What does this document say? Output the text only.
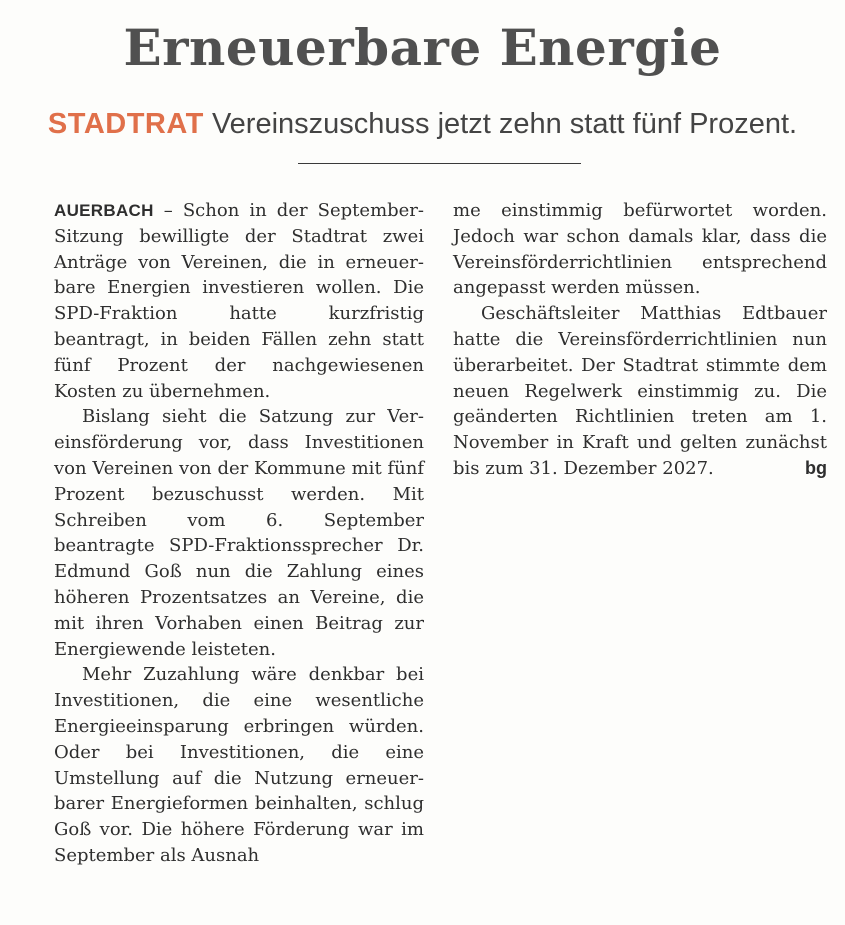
Erneuerbare Energie
STADTRAT Vereinszuschuss jetzt zehn statt fünf Prozent.

AUERBACH – Schon in der September-Sitzung bewilligte der Stadtrat zwei Anträge von Vereinen, die in erneuerbare Energien investieren wollen. Die SPD-Fraktion hatte kurzfristig beantragt, in beiden Fällen zehn statt fünf Prozent der nachgewiesenen Kosten zu übernehmen.

Bislang sieht die Satzung zur Vereinsförderung vor, dass Investitionen von Vereinen von der Kommune mit fünf Prozent bezuschusst werden. Mit Schreiben vom 6. September beantragte SPD-Fraktionssprecher Dr. Edmund Goß nun die Zahlung eines höheren Prozentsatzes an Vereine, die mit ihren Vorhaben einen Beitrag zur Energiewende leisteten.

Mehr Zuzahlung wäre denkbar bei Investitionen, die eine wesentliche Energieeinsparung erbringen würden. Oder bei Investitionen, die eine Umstellung auf die Nutzung erneuerbarer Energieformen beinhalten, schlug Goß vor. Die höhere Förderung war im September als Ausnah

me einstimmig befürwortet worden. Jedoch war schon damals klar, dass die Vereinsförderrichtlinien entsprechend angepasst werden müssen.

Geschäftsleiter Matthias Edtbauer hatte die Vereinsförderrichtlinien nun überarbeitet. Der Stadtrat stimmte dem neuen Regelwerk einstimmig zu. Die geänderten Richtlinien treten am 1. November in Kraft und gelten zunächst bis zum 31. Dezember 2027.	bg
